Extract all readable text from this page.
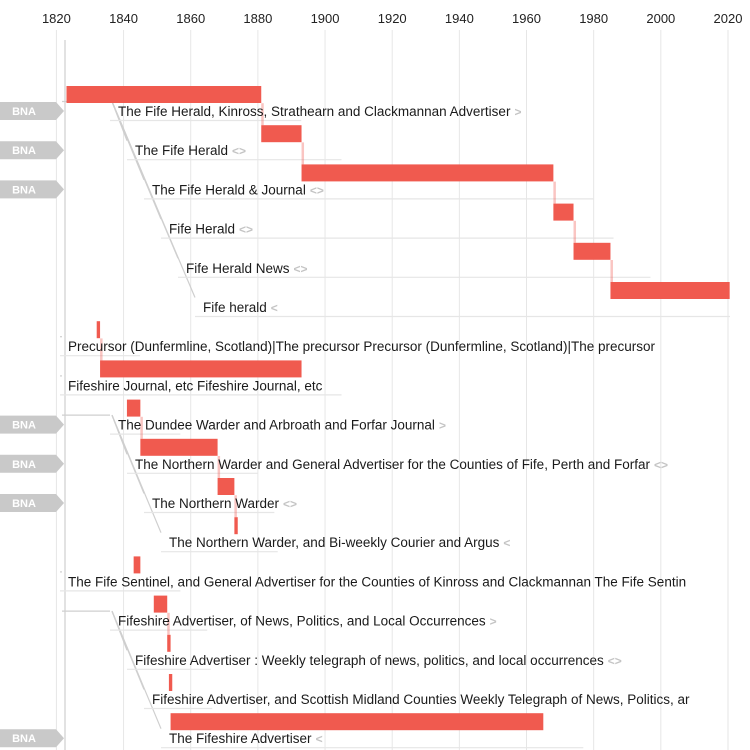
1820	1840	1860	1880	1900	1920	1940	1960	1980	2000	2020
BNA
BNA
BNA
BNA
BNA
BNA
BNA
The Fife Herald, Kinross, Strathearn and Clackmannan Advertiser >
The Fife Herald <>
The Fife Herald & Journal <>
Fife Herald <>
Fife Herald News <>
Fife herald <
Precursor (Dunfermline, Scotland)|The precursor Precursor (Dunfermline, Scotland)|The precursor
Fifeshire Journal, etc Fifeshire Journal, etc
The Dundee Warder and Arbroath and Forfar Journal >
The Northern Warder and General Advertiser for the Counties of Fife, Perth and Forfar <>
The Northern Warder <>
The Northern Warder, and Bi-weekly Courier and Argus <
The Fife Sentinel, and General Advertiser for the Counties of Kinross and Clackmannan The Fife Sentin
Fifeshire Advertiser, of News, Politics, and Local Occurrences >
Fifeshire Advertiser : Weekly telegraph of news, politics, and local occurrences <>
Fifeshire Advertiser, and Scottish Midland Counties Weekly Telegraph of News, Politics, ar
The Fifeshire Advertiser <
